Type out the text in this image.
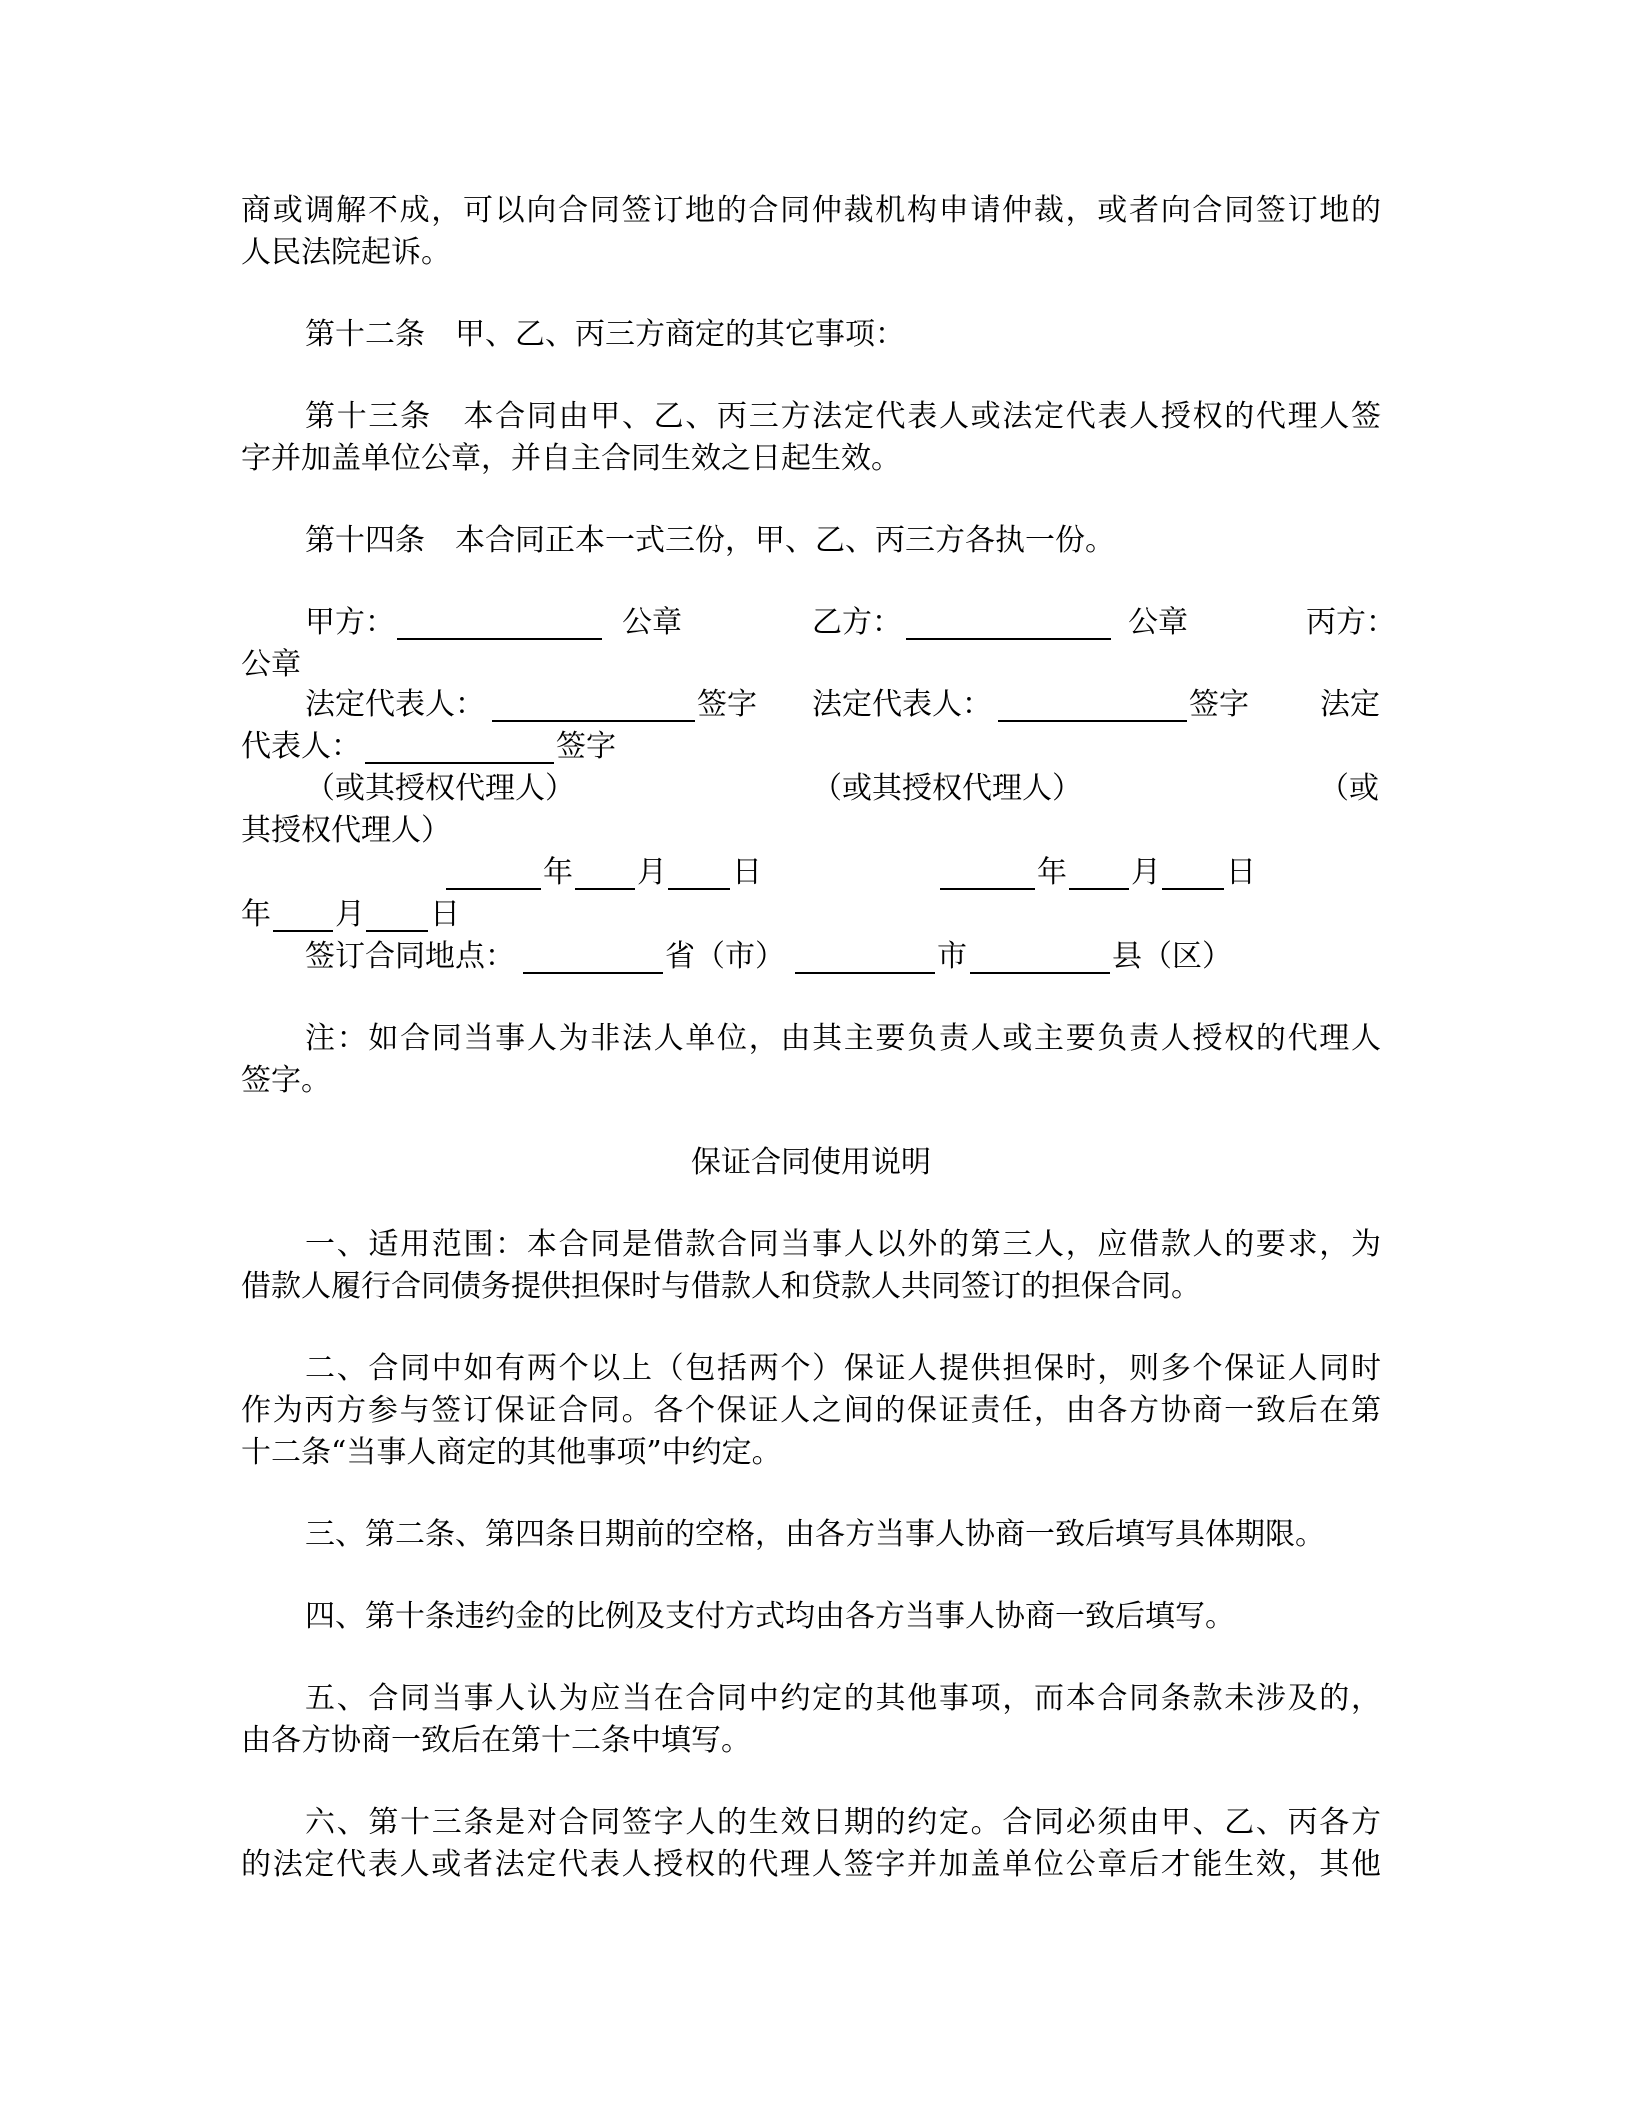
商或调解不成，可以向合同签订地的合同仲裁机构申请仲裁，或者向合同签订地的
人民法院起诉。
第十二条　甲、乙、丙三方商定的其它事项：
第十三条　本合同由甲、乙、丙三方法定代表人或法定代表人授权的代理人签
字并加盖单位公章，并自主合同生效之日起生效。
第十四条　本合同正本一式三份，甲、乙、丙三方各执一份。
甲方：	公章	乙方：	公章	丙方：
公章
法定代表人：	签字 法定代表人：	签字 法定
代表人：	签字
（或其授权代理人）	（或其授权代理人）	（或
其授权代理人）
年 月 日	年 月 日
年 月 日
签订合同地点：	省（市）	市	县（区）
注：如合同当事人为非法人单位，由其主要负责人或主要负责人授权的代理人
签字。
保证合同使用说明
一、适用范围：本合同是借款合同当事人以外的第三人，应借款人的要求，为
借款人履行合同债务提供担保时与借款人和贷款人共同签订的担保合同。
二、合同中如有两个以上（包括两个）保证人提供担保时，则多个保证人同时
作为丙方参与签订保证合同。各个保证人之间的保证责任，由各方协商一致后在第
十二条“当事人商定的其他事项”中约定。
三、第二条、第四条日期前的空格，由各方当事人协商一致后填写具体期限。
四、第十条违约金的比例及支付方式均由各方当事人协商一致后填写。
五、合同当事人认为应当在合同中约定的其他事项，而本合同条款未涉及的，
由各方协商一致后在第十二条中填写。
六、第十三条是对合同签字人的生效日期的约定。合同必须由甲、乙、丙各方
的法定代表人或者法定代表人授权的代理人签字并加盖单位公章后才能生效，其他
